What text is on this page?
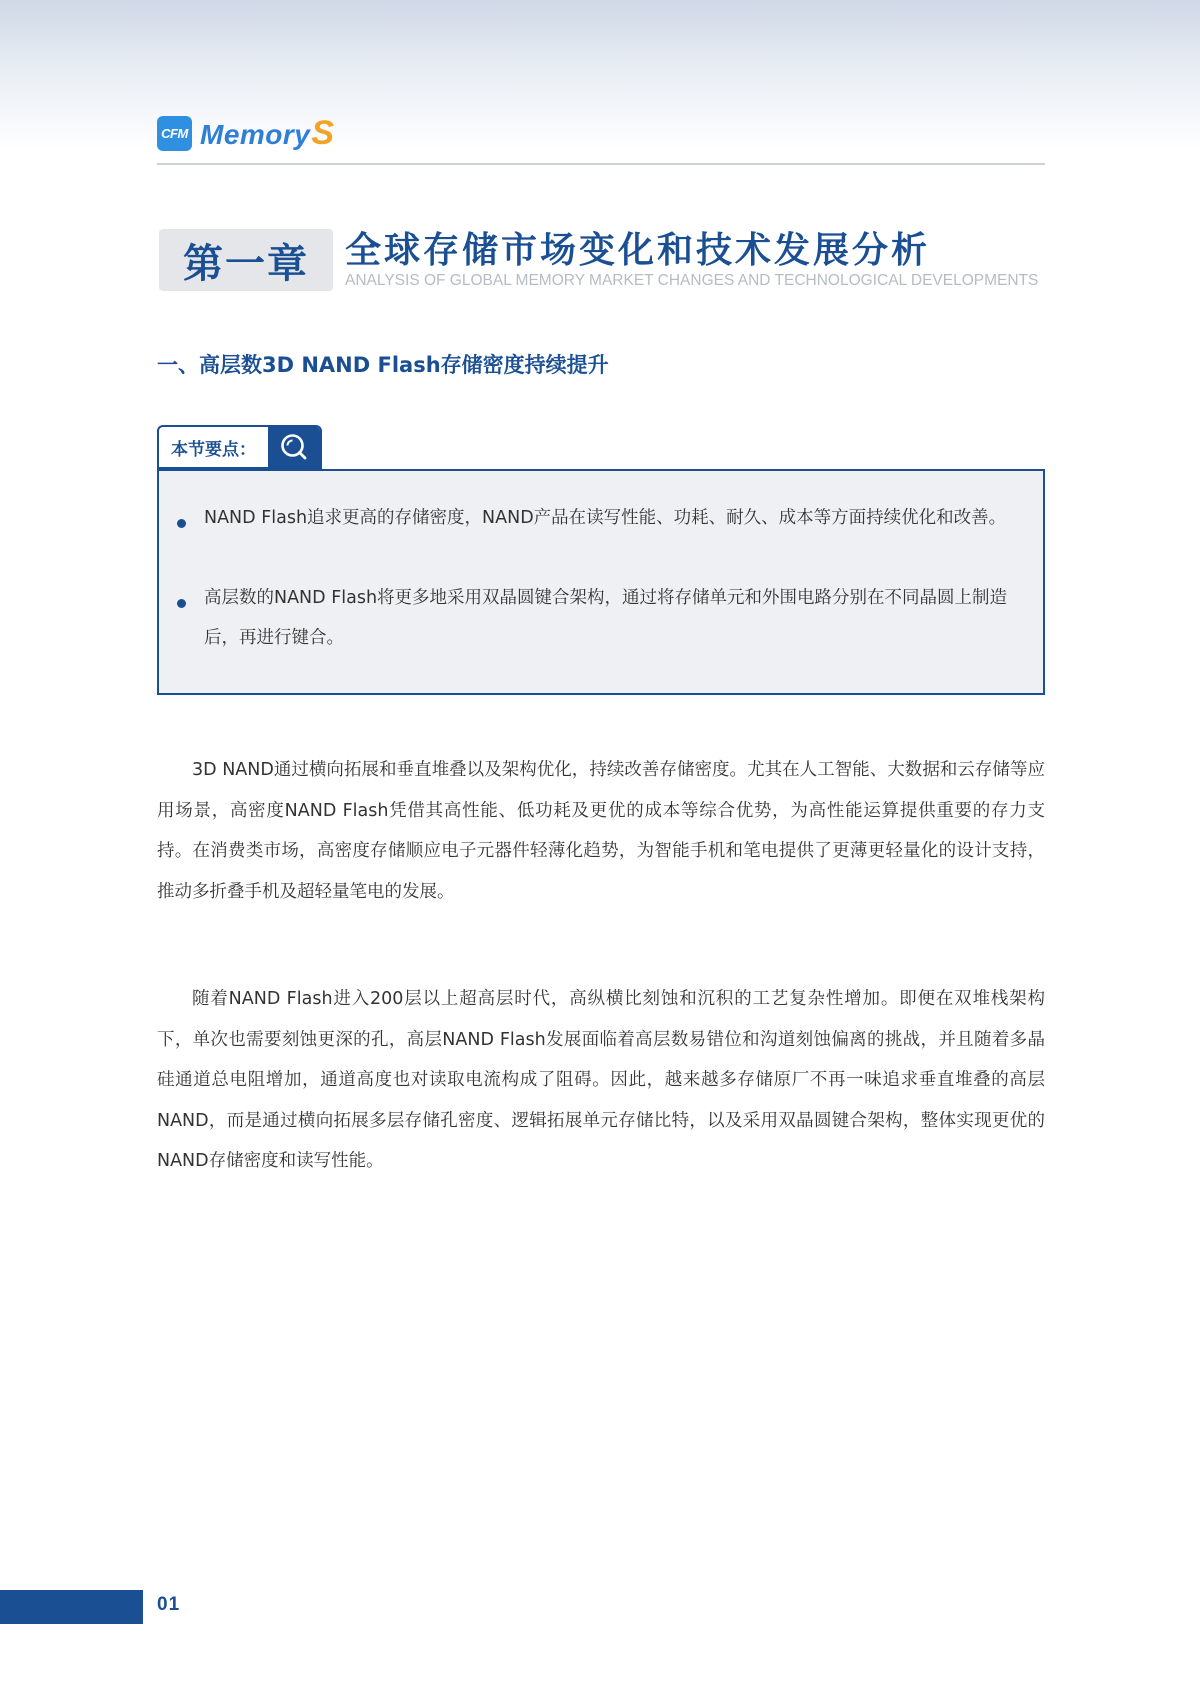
CFM MemoryS
第一章	全球存储市场变化和技术发展分析
ANALYSIS OF GLOBAL MEMORY MARKET CHANGES AND TECHNOLOGICAL DEVELOPMENTS
一、高层数3D NAND Flash存储密度持续提升
本节要点：
NAND Flash追求更高的存储密度，NAND产品在读写性能、功耗、耐久、成本等方面持续优化和改善。
高层数的NAND Flash将更多地采用双晶圆键合架构，通过将存储单元和外围电路分别在不同晶圆上制造后，再进行键合。
3D NAND通过横向拓展和垂直堆叠以及架构优化，持续改善存储密度。尤其在人工智能、大数据和云存储等应用场景，高密度NAND Flash凭借其高性能、低功耗及更优的成本等综合优势，为高性能运算提供重要的存力支持。在消费类市场，高密度存储顺应电子元器件轻薄化趋势，为智能手机和笔电提供了更薄更轻量化的设计支持，推动多折叠手机及超轻量笔电的发展。
随着NAND Flash进入200层以上超高层时代，高纵横比刻蚀和沉积的工艺复杂性增加。即便在双堆栈架构下，单次也需要刻蚀更深的孔，高层NAND Flash发展面临着高层数易错位和沟道刻蚀偏离的挑战，并且随着多晶硅通道总电阻增加，通道高度也对读取电流构成了阻碍。因此，越来越多存储原厂不再一味追求垂直堆叠的高层NAND，而是通过横向拓展多层存储孔密度、逻辑拓展单元存储比特，以及采用双晶圆键合架构，整体实现更优的NAND存储密度和读写性能。
01
